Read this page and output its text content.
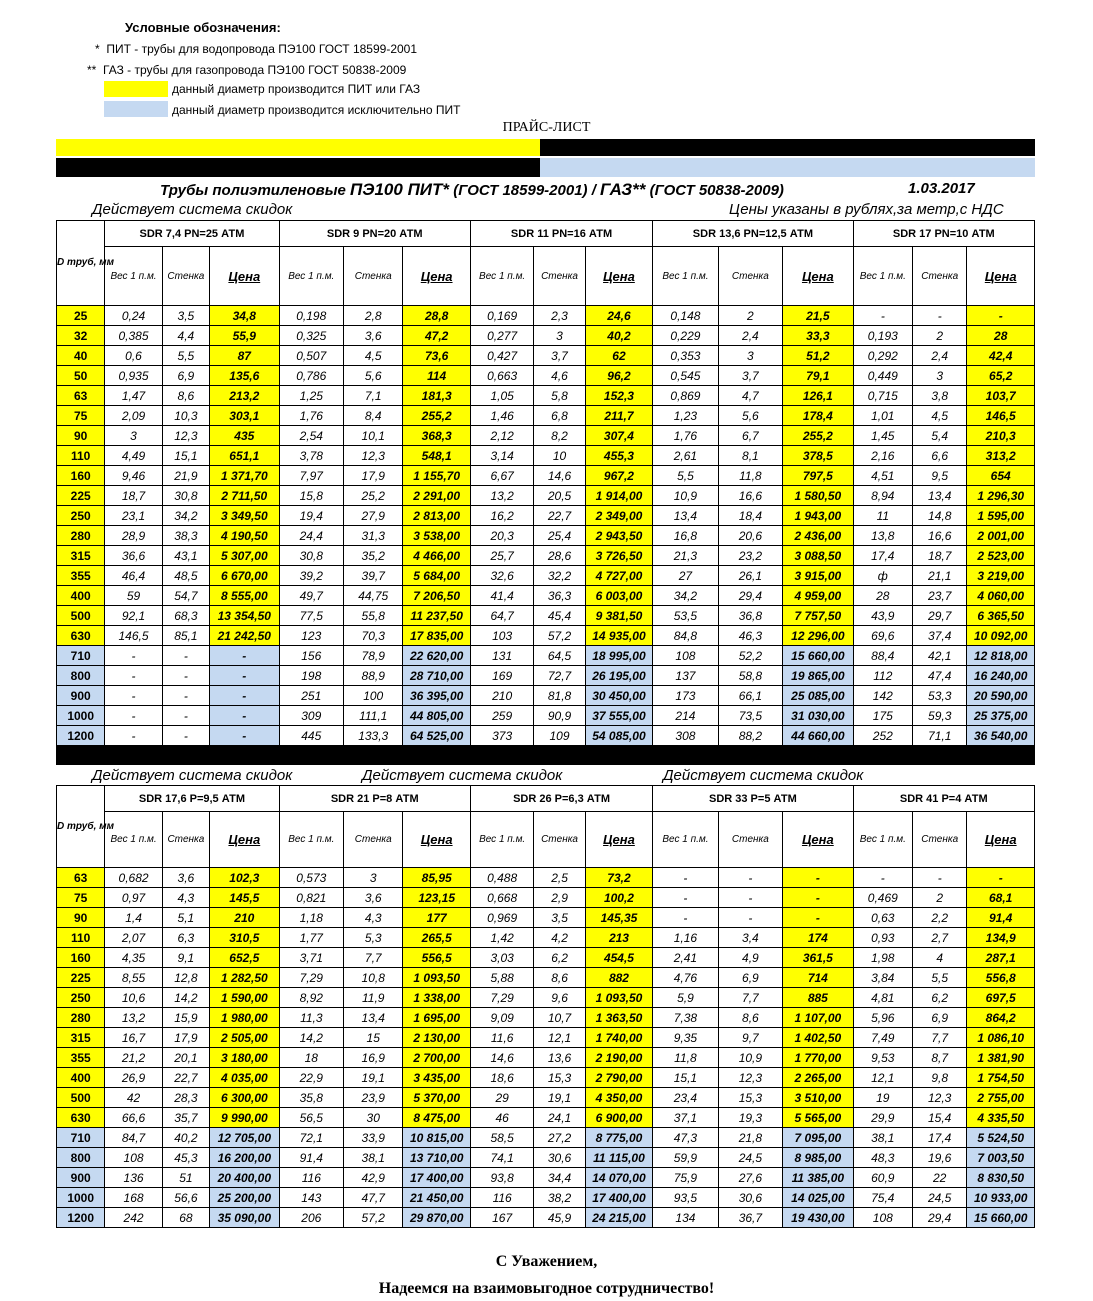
Условные обозначения:
* ПИТ - трубы для водопровода ПЭ100 ГОСТ 18599-2001
** ГАЗ - трубы для газопровода ПЭ100 ГОСТ 50838-2009
данный диаметр производится ПИТ или ГАЗ
данный диаметр производится исключительно ПИТ
ПРАЙС-ЛИСТ
Трубы полиэтиленовые ПЭ100 ПИТ* (ГОСТ 18599-2001) / ГАЗ** (ГОСТ 50838-2009)	1.03.2017
Действует система скидок	Цены указаны в рублях,за метр,с НДС
D труб, мм	SDR 7,4 PN=25 АТМ			SDR 9 PN=20 АТМ			SDR 11 PN=16 АТМ			SDR 13,6 PN=12,5 АТМ			SDR 17 PN=10 АТМ		
	Вес 1 п.м.	Стенка	Цена	Вес 1 п.м.	Стенка	Цена	Вес 1 п.м.	Стенка	Цена	Вес 1 п.м.	Стенка	Цена	Вес 1 п.м.	Стенка	Цена
25	0,24	3,5	34,8	0,198	2,8	28,8	0,169	2,3	24,6	0,148	2	21,5	-	-	-
32	0,385	4,4	55,9	0,325	3,6	47,2	0,277	3	40,2	0,229	2,4	33,3	0,193	2	28
40	0,6	5,5	87	0,507	4,5	73,6	0,427	3,7	62	0,353	3	51,2	0,292	2,4	42,4
50	0,935	6,9	135,6	0,786	5,6	114	0,663	4,6	96,2	0,545	3,7	79,1	0,449	3	65,2
63	1,47	8,6	213,2	1,25	7,1	181,3	1,05	5,8	152,3	0,869	4,7	126,1	0,715	3,8	103,7
75	2,09	10,3	303,1	1,76	8,4	255,2	1,46	6,8	211,7	1,23	5,6	178,4	1,01	4,5	146,5
90	3	12,3	435	2,54	10,1	368,3	2,12	8,2	307,4	1,76	6,7	255,2	1,45	5,4	210,3
110	4,49	15,1	651,1	3,78	12,3	548,1	3,14	10	455,3	2,61	8,1	378,5	2,16	6,6	313,2
160	9,46	21,9	1 371,70	7,97	17,9	1 155,70	6,67	14,6	967,2	5,5	11,8	797,5	4,51	9,5	654
225	18,7	30,8	2 711,50	15,8	25,2	2 291,00	13,2	20,5	1 914,00	10,9	16,6	1 580,50	8,94	13,4	1 296,30
250	23,1	34,2	3 349,50	19,4	27,9	2 813,00	16,2	22,7	2 349,00	13,4	18,4	1 943,00	11	14,8	1 595,00
280	28,9	38,3	4 190,50	24,4	31,3	3 538,00	20,3	25,4	2 943,50	16,8	20,6	2 436,00	13,8	16,6	2 001,00
315	36,6	43,1	5 307,00	30,8	35,2	4 466,00	25,7	28,6	3 726,50	21,3	23,2	3 088,50	17,4	18,7	2 523,00
355	46,4	48,5	6 670,00	39,2	39,7	5 684,00	32,6	32,2	4 727,00	27	26,1	3 915,00	ф	21,1	3 219,00
400	59	54,7	8 555,00	49,7	44,75	7 206,50	41,4	36,3	6 003,00	34,2	29,4	4 959,00	28	23,7	4 060,00
500	92,1	68,3	13 354,50	77,5	55,8	11 237,50	64,7	45,4	9 381,50	53,5	36,8	7 757,50	43,9	29,7	6 365,50
630	146,5	85,1	21 242,50	123	70,3	17 835,00	103	57,2	14 935,00	84,8	46,3	12 296,00	69,6	37,4	10 092,00
710	-	-	-	156	78,9	22 620,00	131	64,5	18 995,00	108	52,2	15 660,00	88,4	42,1	12 818,00
800	-	-	-	198	88,9	28 710,00	169	72,7	26 195,00	137	58,8	19 865,00	112	47,4	16 240,00
900	-	-	-	251	100	36 395,00	210	81,8	30 450,00	173	66,1	25 085,00	142	53,3	20 590,00
1000	-	-	-	309	111,1	44 805,00	259	90,9	37 555,00	214	73,5	31 030,00	175	59,3	25 375,00
1200	-	-	-	445	133,3	64 525,00	373	109	54 085,00	308	88,2	44 660,00	252	71,1	36 540,00
Действует система скидок	Действует система скидок	Действует система скидок
D труб, мм	SDR 17,6 P=9,5 АТМ			SDR 21 P=8 АТМ			SDR 26 P=6,3 АТМ			SDR 33 P=5 АТМ			SDR 41 P=4 АТМ		
	Вес 1 п.м.	Стенка	Цена	Вес 1 п.м.	Стенка	Цена	Вес 1 п.м.	Стенка	Цена	Вес 1 п.м.	Стенка	Цена	Вес 1 п.м.	Стенка	Цена
63	0,682	3,6	102,3	0,573	3	85,95	0,488	2,5	73,2	-	-	-	-	-	-
75	0,97	4,3	145,5	0,821	3,6	123,15	0,668	2,9	100,2	-	-	-	0,469	2	68,1
90	1,4	5,1	210	1,18	4,3	177	0,969	3,5	145,35	-	-	-	0,63	2,2	91,4
110	2,07	6,3	310,5	1,77	5,3	265,5	1,42	4,2	213	1,16	3,4	174	0,93	2,7	134,9
160	4,35	9,1	652,5	3,71	7,7	556,5	3,03	6,2	454,5	2,41	4,9	361,5	1,98	4	287,1
225	8,55	12,8	1 282,50	7,29	10,8	1 093,50	5,88	8,6	882	4,76	6,9	714	3,84	5,5	556,8
250	10,6	14,2	1 590,00	8,92	11,9	1 338,00	7,29	9,6	1 093,50	5,9	7,7	885	4,81	6,2	697,5
280	13,2	15,9	1 980,00	11,3	13,4	1 695,00	9,09	10,7	1 363,50	7,38	8,6	1 107,00	5,96	6,9	864,2
315	16,7	17,9	2 505,00	14,2	15	2 130,00	11,6	12,1	1 740,00	9,35	9,7	1 402,50	7,49	7,7	1 086,10
355	21,2	20,1	3 180,00	18	16,9	2 700,00	14,6	13,6	2 190,00	11,8	10,9	1 770,00	9,53	8,7	1 381,90
400	26,9	22,7	4 035,00	22,9	19,1	3 435,00	18,6	15,3	2 790,00	15,1	12,3	2 265,00	12,1	9,8	1 754,50
500	42	28,3	6 300,00	35,8	23,9	5 370,00	29	19,1	4 350,00	23,4	15,3	3 510,00	19	12,3	2 755,00
630	66,6	35,7	9 990,00	56,5	30	8 475,00	46	24,1	6 900,00	37,1	19,3	5 565,00	29,9	15,4	4 335,50
710	84,7	40,2	12 705,00	72,1	33,9	10 815,00	58,5	27,2	8 775,00	47,3	21,8	7 095,00	38,1	17,4	5 524,50
800	108	45,3	16 200,00	91,4	38,1	13 710,00	74,1	30,6	11 115,00	59,9	24,5	8 985,00	48,3	19,6	7 003,50
900	136	51	20 400,00	116	42,9	17 400,00	93,8	34,4	14 070,00	75,9	27,6	11 385,00	60,9	22	8 830,50
1000	168	56,6	25 200,00	143	47,7	21 450,00	116	38,2	17 400,00	93,5	30,6	14 025,00	75,4	24,5	10 933,00
1200	242	68	35 090,00	206	57,2	29 870,00	167	45,9	24 215,00	134	36,7	19 430,00	108	29,4	15 660,00
С Уважением,
Надеемся на взаимовыгодное сотрудничество!
